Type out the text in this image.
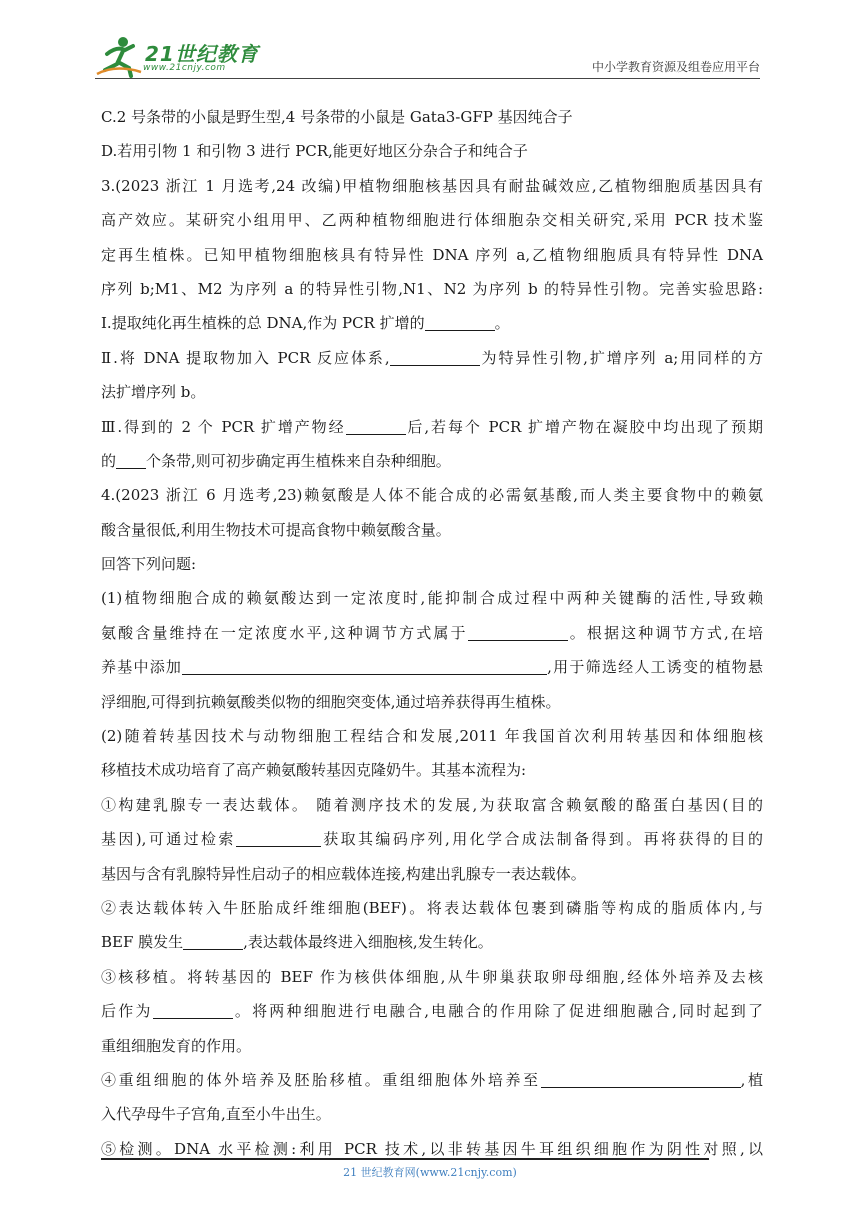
21世纪教育
www.21cnjy.com	中小学教育资源及组卷应用平台
C.2 号条带的小鼠是野生型,4 号条带的小鼠是 Gata3-GFP 基因纯合子
D.若用引物 1 和引物 3 进行 PCR,能更好地区分杂合子和纯合子
3.(2023 浙江 1 月选考,24 改编)甲植物细胞核基因具有耐盐碱效应,乙植物细胞质基因具有
高产效应。某研究小组用甲、乙两种植物细胞进行体细胞杂交相关研究,采用 PCR 技术鉴
定再生植株。已知甲植物细胞核具有特异性 DNA 序列 a,乙植物细胞质具有特异性 DNA
序列 b;M1、M2 为序列 a 的特异性引物,N1、N2 为序列 b 的特异性引物。完善实验思路:
Ⅰ.提取纯化再生植株的总 DNA,作为 PCR 扩增的	。
Ⅱ.将 DNA 提取物加入 PCR 反应体系,	为特异性引物,扩增序列 a;用同样的方
法扩增序列 b。
Ⅲ.得到的 2 个 PCR 扩增产物经	后,若每个 PCR 扩增产物在凝胶中均出现了预期
的 个条带,则可初步确定再生植株来自杂种细胞。
4.(2023 浙江 6 月选考,23)赖氨酸是人体不能合成的必需氨基酸,而人类主要食物中的赖氨
酸含量很低,利用生物技术可提高食物中赖氨酸含量。
回答下列问题:
(1)植物细胞合成的赖氨酸达到一定浓度时,能抑制合成过程中两种关键酶的活性,导致赖
氨酸含量维持在一定浓度水平,这种调节方式属于	。根据这种调节方式,在培
养基中添加	,用于筛选经人工诱变的植物悬
浮细胞,可得到抗赖氨酸类似物的细胞突变体,通过培养获得再生植株。
(2)随着转基因技术与动物细胞工程结合和发展,2011 年我国首次利用转基因和体细胞核
移植技术成功培育了高产赖氨酸转基因克隆奶牛。其基本流程为:
①构建乳腺专一表达载体。 随着测序技术的发展,为获取富含赖氨酸的酪蛋白基因(目的
基因),可通过检索	获取其编码序列,用化学合成法制备得到。再将获得的目的
基因与含有乳腺特异性启动子的相应载体连接,构建出乳腺专一表达载体。
②表达载体转入牛胚胎成纤维细胞(BEF)。将表达载体包裹到磷脂等构成的脂质体内,与
BEF 膜发生	,表达载体最终进入细胞核,发生转化。
③核移植。将转基因的 BEF 作为核供体细胞,从牛卵巢获取卵母细胞,经体外培养及去核
后作为	。将两种细胞进行电融合,电融合的作用除了促进细胞融合,同时起到了
重组细胞发育的作用。
④重组细胞的体外培养及胚胎移植。重组细胞体外培养至	,植
入代孕母牛子宫角,直至小牛出生。
⑤检测。DNA 水平检测:利用 PCR 技术,以非转基因牛耳组织细胞作为阴性对照,以
21 世纪教育网(www.21cnjy.com)
